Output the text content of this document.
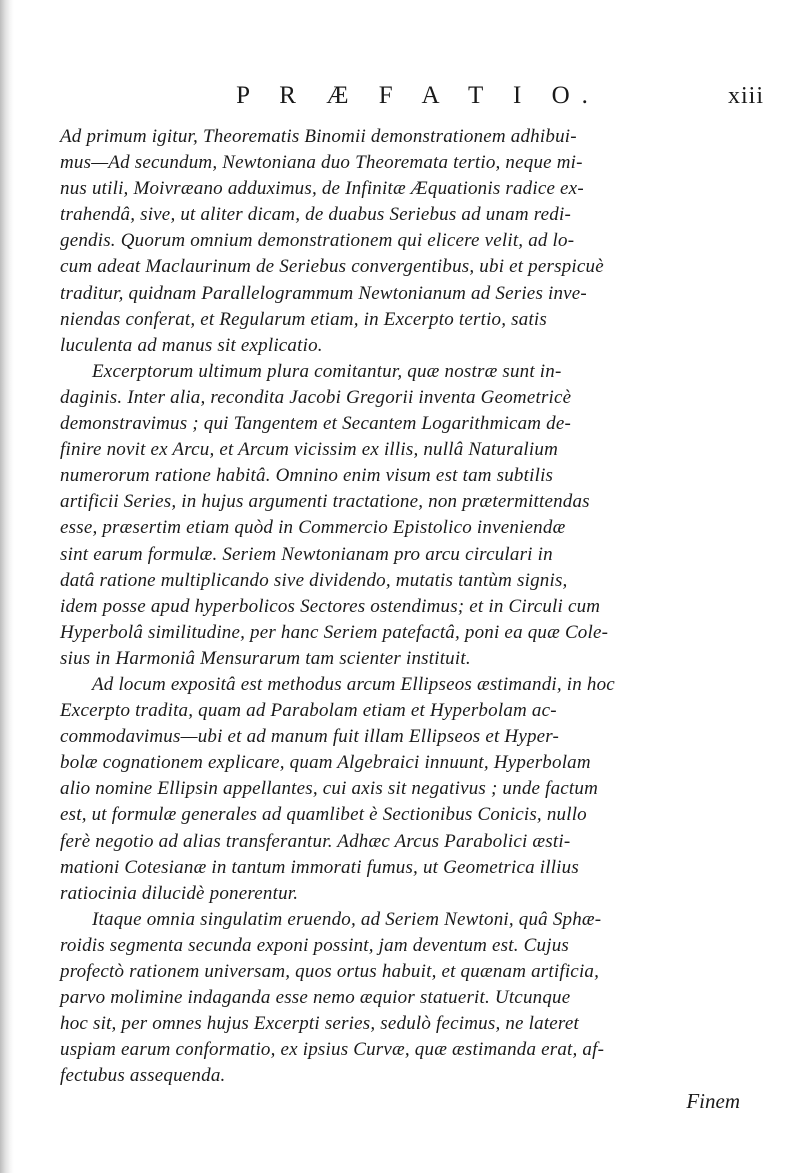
P R Æ F A T I O.	xiii
Ad primum igitur, Theorematis Binomii demonstrationem adhibui-
mus—Ad secundum, Newtoniana duo Theoremata tertio, neque mi-
nus utili, Moivræano adduximus, de Infinitæ Æquationis radice ex-
trahendâ, sive, ut aliter dicam, de duabus Seriebus ad unam redi-
gendis. Quorum omnium demonstrationem qui elicere velit, ad lo-
cum adeat Maclaurinum de Seriebus convergentibus, ubi et perspicuè
traditur, quidnam Parallelogrammum Newtonianum ad Series inve-
niendas conferat, et Regularum etiam, in Excerpto tertio, satis
luculenta ad manus sit explicatio.
Excerptorum ultimum plura comitantur, quæ nostræ sunt in-
daginis. Inter alia, recondita Jacobi Gregorii inventa Geometricè
demonstravimus ; qui Tangentem et Secantem Logarithmicam de-
finire novit ex Arcu, et Arcum vicissim ex illis, nullâ Naturalium
numerorum ratione habitâ. Omnino enim visum est tam subtilis
artificii Series, in hujus argumenti tractatione, non prætermittendas
esse, præsertim etiam quòd in Commercio Epistolico inveniendæ
sint earum formulæ. Seriem Newtonianam pro arcu circulari in
datâ ratione multiplicando sive dividendo, mutatis tantùm signis,
idem posse apud hyperbolicos Sectores ostendimus; et in Circuli cum
Hyperbolâ similitudine, per hanc Seriem patefactâ, poni ea quæ Cole-
sius in Harmoniâ Mensurarum tam scienter instituit.
Ad locum expositâ est methodus arcum Ellipseos æstimandi, in hoc
Excerpto tradita, quam ad Parabolam etiam et Hyperbolam ac-
commodavimus—ubi et ad manum fuit illam Ellipseos et Hyper-
bolæ cognationem explicare, quam Algebraici innuunt, Hyperbolam
alio nomine Ellipsin appellantes, cui axis sit negativus ; unde factum
est, ut formulæ generales ad quamlibet è Sectionibus Conicis, nullo
ferè negotio ad alias transferantur. Adhæc Arcus Parabolici æsti-
mationi Cotesianæ in tantum immorati fumus, ut Geometrica illius
ratiocinia dilucidè ponerentur.
Itaque omnia singulatim eruendo, ad Seriem Newtoni, quâ Sphæ-
roidis segmenta secunda exponi possint, jam deventum est. Cujus
profectò rationem universam, quos ortus habuit, et quænam artificia,
parvo molimine indaganda esse nemo æquior statuerit. Utcunque
hoc sit, per omnes hujus Excerpti series, sedulò fecimus, ne lateret
uspiam earum conformatio, ex ipsius Curvæ, quæ æstimanda erat, af-
fectubus assequenda.
Finem
